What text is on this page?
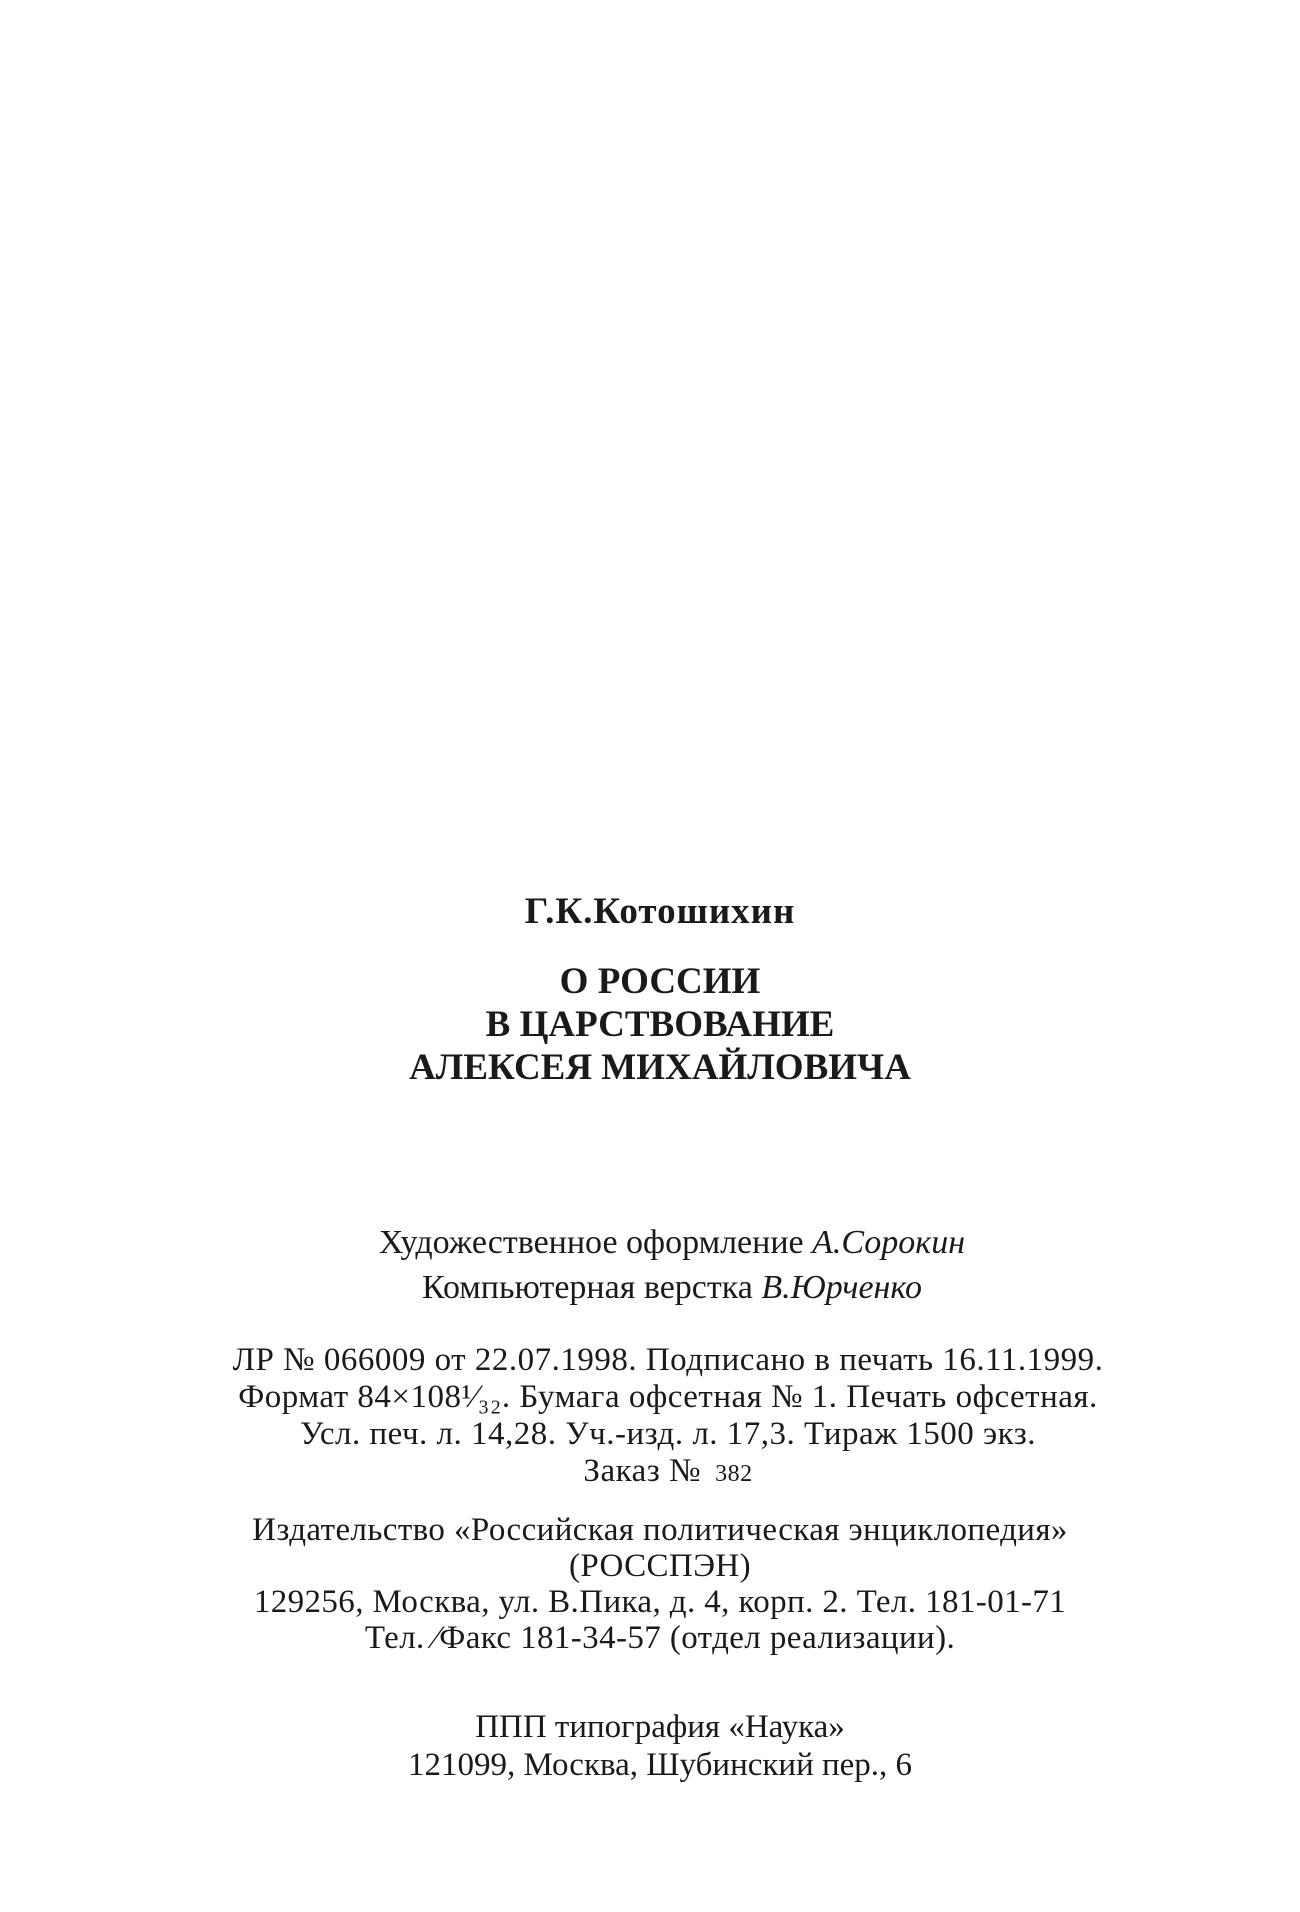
Г.К.Котошихин
О РОССИИ
В ЦАРСТВОВАНИЕ
АЛЕКСЕЯ МИХАЙЛОВИЧА
Художественное оформление А.Сорокин
Компьютерная верстка В.Юрченко
ЛР № 066009 от 22.07.1998. Подписано в печать 16.11.1999.
Формат 84×108¹⁄₃₂. Бумага офсетная № 1. Печать офсетная.
Усл. печ. л. 14,28. Уч.-изд. л. 17,3. Тираж 1500 экз.
Заказ № 382
Издательство «Российская политическая энциклопедия»
(РОССПЭН)
129256, Москва, ул. В.Пика, д. 4, корп. 2. Тел. 181-01-71
Тел. ⁄Факс 181-34-57 (отдел реализации).
ППП типография «Наука»
121099, Москва, Шубинский пер., 6
